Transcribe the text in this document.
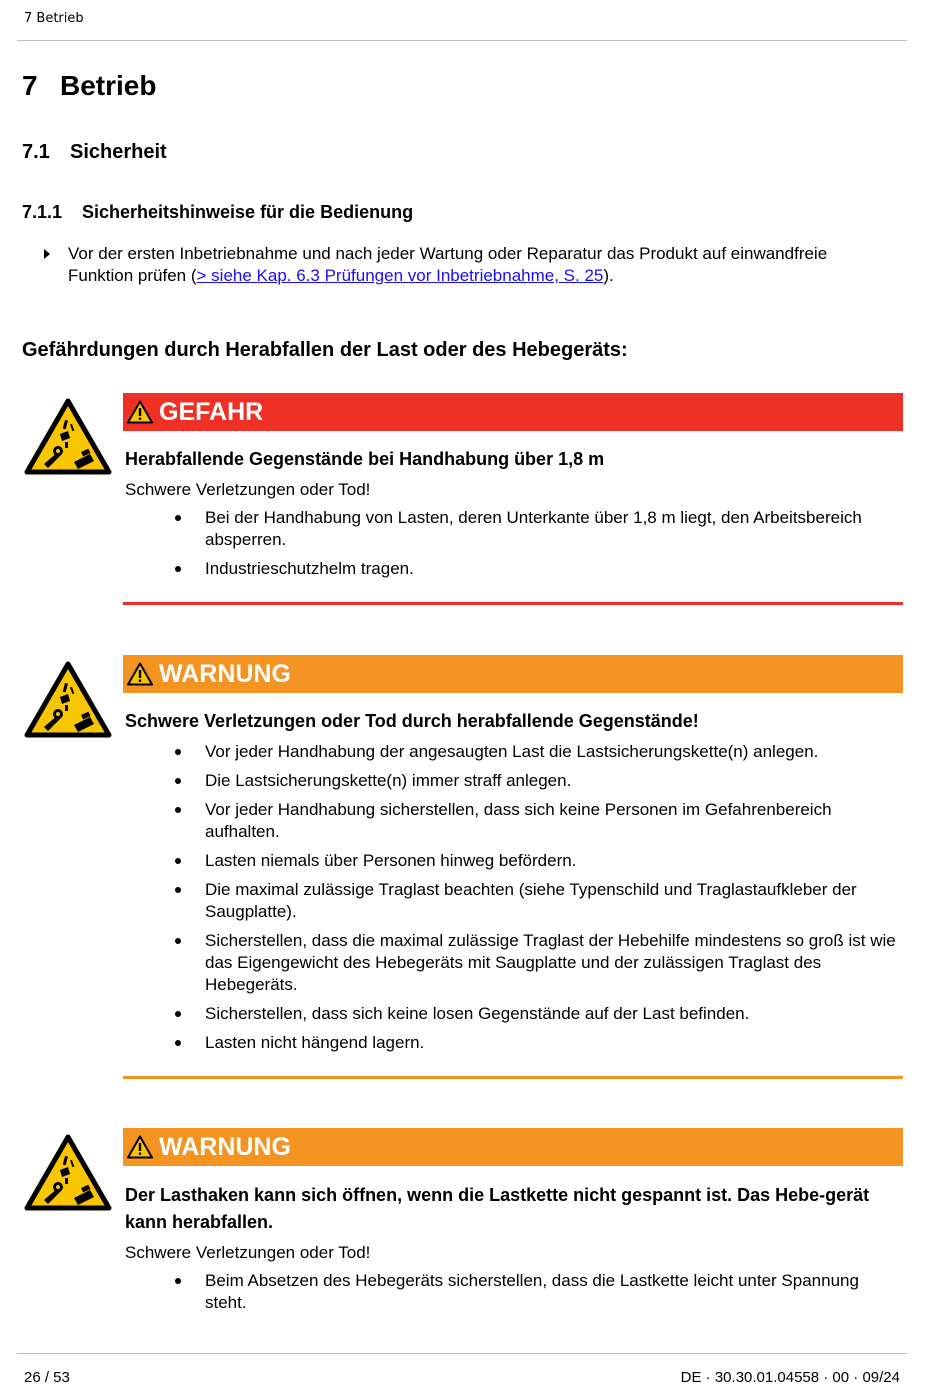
7 Betrieb
7 Betrieb
7.1 Sicherheit
7.1.1 Sicherheitshinweise für die Bedienung
Vor der ersten Inbetriebnahme und nach jeder Wartung oder Reparatur das Produkt auf einwandfreie Funktion prüfen (> siehe Kap. 6.3 Prüfungen vor Inbetriebnahme, S. 25).
Gefährdungen durch Herabfallen der Last oder des Hebegeräts:
GEFAHR
Herabfallende Gegenstände bei Handhabung über 1,8 m
Schwere Verletzungen oder Tod!
Bei der Handhabung von Lasten, deren Unterkante über 1,8 m liegt, den Arbeitsbereich absperren.
Industrieschutzhelm tragen.
WARNUNG
Schwere Verletzungen oder Tod durch herabfallende Gegenstände!
Vor jeder Handhabung der angesaugten Last die Lastsicherungskette(n) anlegen.
Die Lastsicherungskette(n) immer straff anlegen.
Vor jeder Handhabung sicherstellen, dass sich keine Personen im Gefahrenbereich aufhalten.
Lasten niemals über Personen hinweg befördern.
Die maximal zulässige Traglast beachten (siehe Typenschild und Traglastaufkleber der Saugplatte).
Sicherstellen, dass die maximal zulässige Traglast der Hebehilfe mindestens so groß ist wie das Eigengewicht des Hebegeräts mit Saugplatte und der zulässigen Traglast des Hebegeräts.
Sicherstellen, dass sich keine losen Gegenstände auf der Last befinden.
Lasten nicht hängend lagern.
WARNUNG
Der Lasthaken kann sich öffnen, wenn die Lastkette nicht gespannt ist. Das Hebe-gerät kann herabfallen.
Schwere Verletzungen oder Tod!
Beim Absetzen des Hebegeräts sicherstellen, dass die Lastkette leicht unter Spannung steht.
26 / 53	DE · 30.30.01.04558 · 00 · 09/24
